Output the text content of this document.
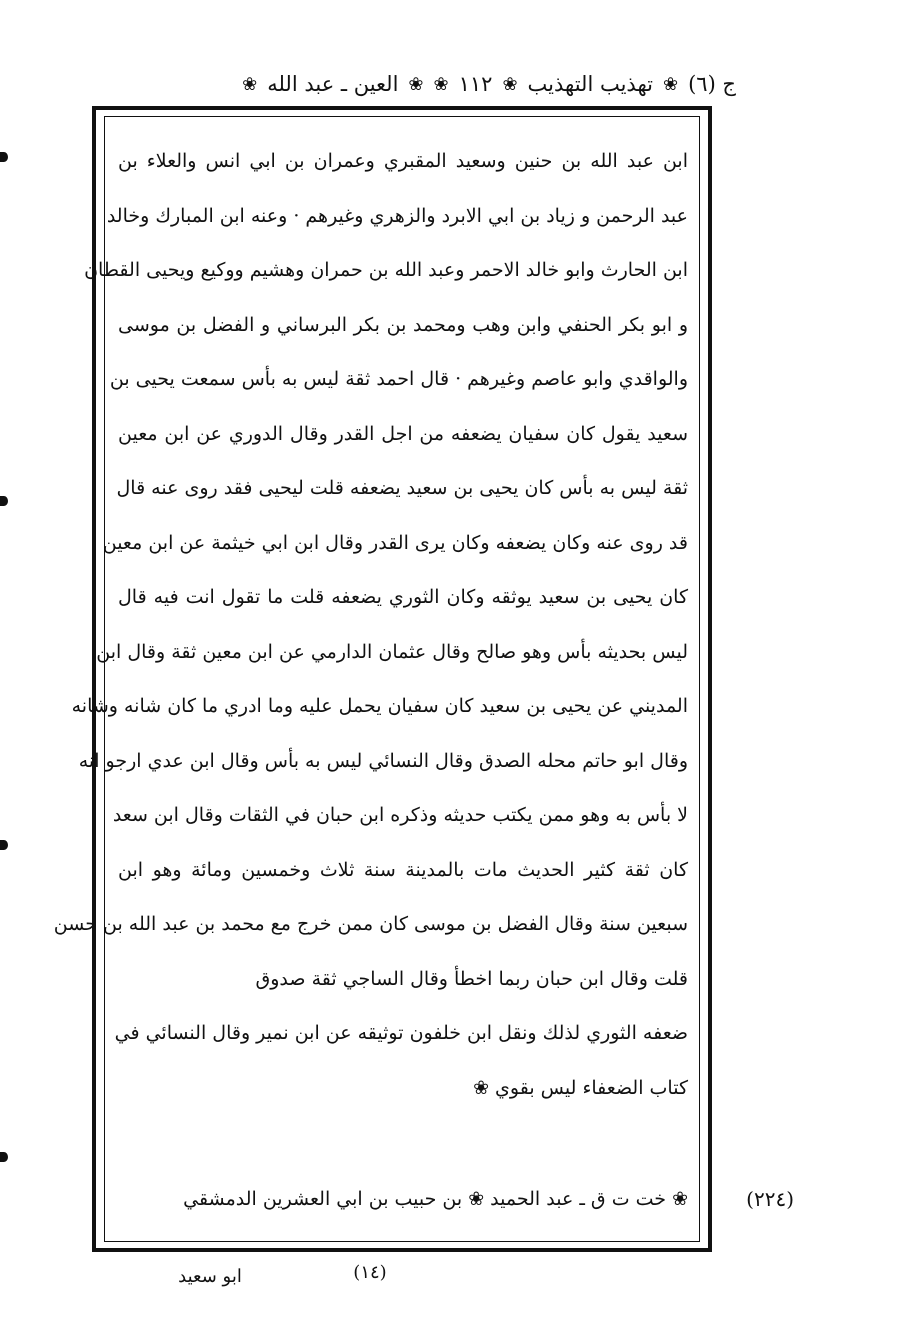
ج (٦)
❀
تهذيب التهذيب
❀
١١٢
❀
❀
العين ـ عبد الله
❀
ابن عبد الله بن حنين وسعيد المقبري وعمران بن ابي انس والعلاء بن
عبد الرحمن و زياد بن ابي الابرد والزهري وغيرهم · وعنه ابن المبارك وخالد
ابن الحارث وابو خالد الاحمر وعبد الله بن حمران وهشيم ووكيع ويحيى القطان
و ابو بكر الحنفي وابن وهب ومحمد بن بكر البرساني و الفضل بن موسى
والواقدي وابو عاصم وغيرهم · قال احمد ثقة ليس به بأس سمعت يحيى بن
سعيد يقول كان سفيان يضعفه من اجل القدر وقال الدوري عن ابن معين
ثقة ليس به بأس كان يحيى بن سعيد يضعفه قلت ليحيى فقد روى عنه قال
قد روى عنه وكان يضعفه وكان يرى القدر وقال ابن ابي خيثمة عن ابن معين
كان يحيى بن سعيد يوثقه وكان الثوري يضعفه قلت ما تقول انت فيه قال
ليس بحديثه بأس وهو صالح وقال عثمان الدارمي عن ابن معين ثقة وقال ابن
المديني عن يحيى بن سعيد كان سفيان يحمل عليه وما ادري ما كان شانه وشانه
وقال ابو حاتم محله الصدق وقال النسائي ليس به بأس وقال ابن عدي ارجو انه
لا بأس به وهو ممن يكتب حديثه وذكره ابن حبان في الثقات وقال ابن سعد
كان ثقة كثير الحديث مات بالمدينة سنة ثلاث وخمسين ومائة وهو ابن
سبعين سنة وقال الفضل بن موسى كان ممن خرج مع محمد بن عبد الله بن حسن
قلت وقال ابن حبان ربما اخطأ وقال الساجي ثقة صدوق
ضعفه الثوري لذلك ونقل ابن خلفون توثيقه عن ابن نمير وقال النسائي في
كتاب الضعفاء ليس بقوي ❀
❀ خت ت ق ـ عبد الحميد ❀ بن حبيب بن ابي العشرين الدمشقي	(٢٢٤)
(١٤)
ابو سعيد
